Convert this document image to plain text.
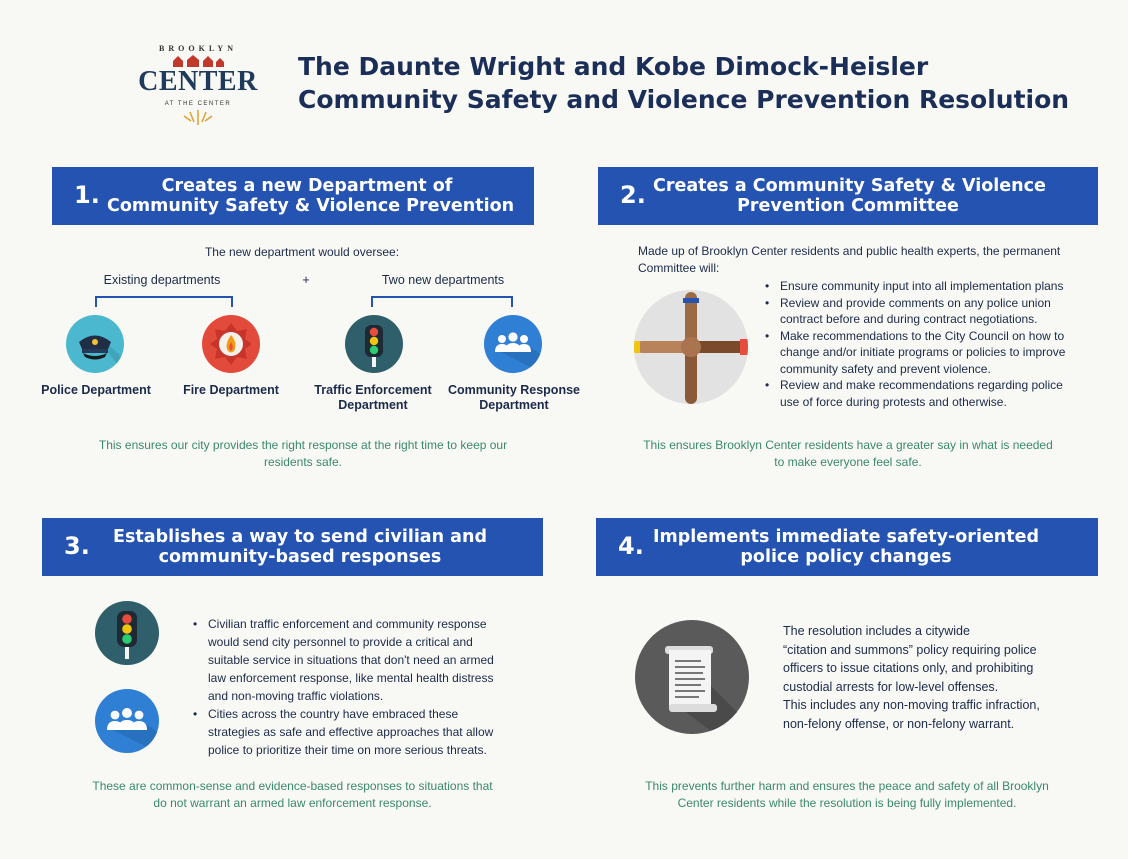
BROOKLYN
CENTER
AT THE CENTER
The Daunte Wright and Kobe Dimock-Heisler
Community Safety and Violence Prevention Resolution
1.	Creates a new Department of
Community Safety & Violence Prevention
The new department would oversee:
Existing departments	+	Two new departments
Police Department	Fire Department	Traffic Enforcement
Department
Community Response
Department
This ensures our city provides the right response at the right time to keep our
residents safe.
2. Creates a Community Safety & Violence
Prevention Committee
Made up of Brooklyn Center residents and public health experts, the permanent
Committee will:
• Ensure community input into all implementation plans
• Review and provide comments on any police union
contract before and during contract negotiations.
• Make recommendations to the City Council on how to
change and/or initiate programs or policies to improve
community safety and prevent violence.
• Review and make recommendations regarding police
use of force during protests and otherwise.
This ensures Brooklyn Center residents have a greater say in what is needed
to make everyone feel safe.
3.	Establishes a way to send civilian and
community-based responses
• Civilian traffic enforcement and community response
would send city personnel to provide a critical and
suitable service in situations that don't need an armed
law enforcement response, like mental health distress
and non-moving traffic violations.
• Cities across the country have embraced these
strategies as safe and effective approaches that allow
police to prioritize their time on more serious threats.
These are common-sense and evidence-based responses to situations that
do not warrant an armed law enforcement response.
4. Implements immediate safety-oriented
police policy changes
The resolution includes a citywide
“citation and summons” policy requiring police
officers to issue citations only, and prohibiting
custodial arrests for low-level offenses.
This includes any non-moving traffic infraction,
non-felony offense, or non-felony warrant.
This prevents further harm and ensures the peace and safety of all Brooklyn
Center residents while the resolution is being fully implemented.
